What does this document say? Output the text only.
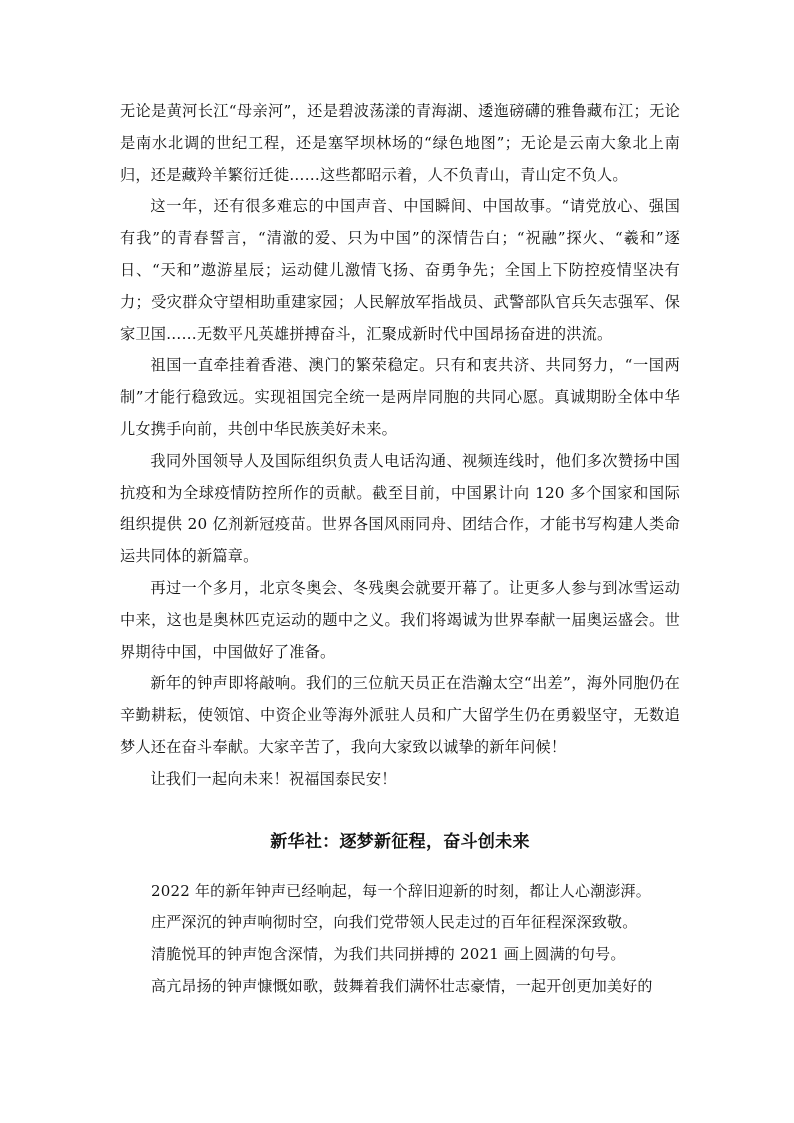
无论是黄河长江“母亲河”，还是碧波荡漾的青海湖、逶迤磅礴的雅鲁藏布江；无论是南水北调的世纪工程，还是塞罕坝林场的“绿色地图”；无论是云南大象北上南归，还是藏羚羊繁衍迁徙……这些都昭示着，人不负青山，青山定不负人。

这一年，还有很多难忘的中国声音、中国瞬间、中国故事。“请党放心、强国有我”的青春誓言，“清澈的爱、只为中国”的深情告白；“祝融”探火、“羲和”逐日、“天和”遨游星辰；运动健儿激情飞扬、奋勇争先；全国上下防控疫情坚决有力；受灾群众守望相助重建家园；人民解放军指战员、武警部队官兵矢志强军、保家卫国……无数平凡英雄拼搏奋斗，汇聚成新时代中国昂扬奋进的洪流。

祖国一直牵挂着香港、澳门的繁荣稳定。只有和衷共济、共同努力，“一国两制”才能行稳致远。实现祖国完全统一是两岸同胞的共同心愿。真诚期盼全体中华儿女携手向前，共创中华民族美好未来。

我同外国领导人及国际组织负责人电话沟通、视频连线时，他们多次赞扬中国抗疫和为全球疫情防控所作的贡献。截至目前，中国累计向 120 多个国家和国际组织提供 20 亿剂新冠疫苗。世界各国风雨同舟、团结合作，才能书写构建人类命运共同体的新篇章。

再过一个多月，北京冬奥会、冬残奥会就要开幕了。让更多人参与到冰雪运动中来，这也是奥林匹克运动的题中之义。我们将竭诚为世界奉献一届奥运盛会。世界期待中国，中国做好了准备。

新年的钟声即将敲响。我们的三位航天员正在浩瀚太空“出差”，海外同胞仍在辛勤耕耘，使领馆、中资企业等海外派驻人员和广大留学生仍在勇毅坚守，无数追梦人还在奋斗奉献。大家辛苦了，我向大家致以诚挚的新年问候！

让我们一起向未来！祝福国泰民安！

新华社：逐梦新征程，奋斗创未来

2022 年的新年钟声已经响起，每一个辞旧迎新的时刻，都让人心潮澎湃。

庄严深沉的钟声响彻时空，向我们党带领人民走过的百年征程深深致敬。

清脆悦耳的钟声饱含深情，为我们共同拼搏的 2021 画上圆满的句号。

高亢昂扬的钟声慷慨如歌，鼓舞着我们满怀壮志豪情，一起开创更加美好的
